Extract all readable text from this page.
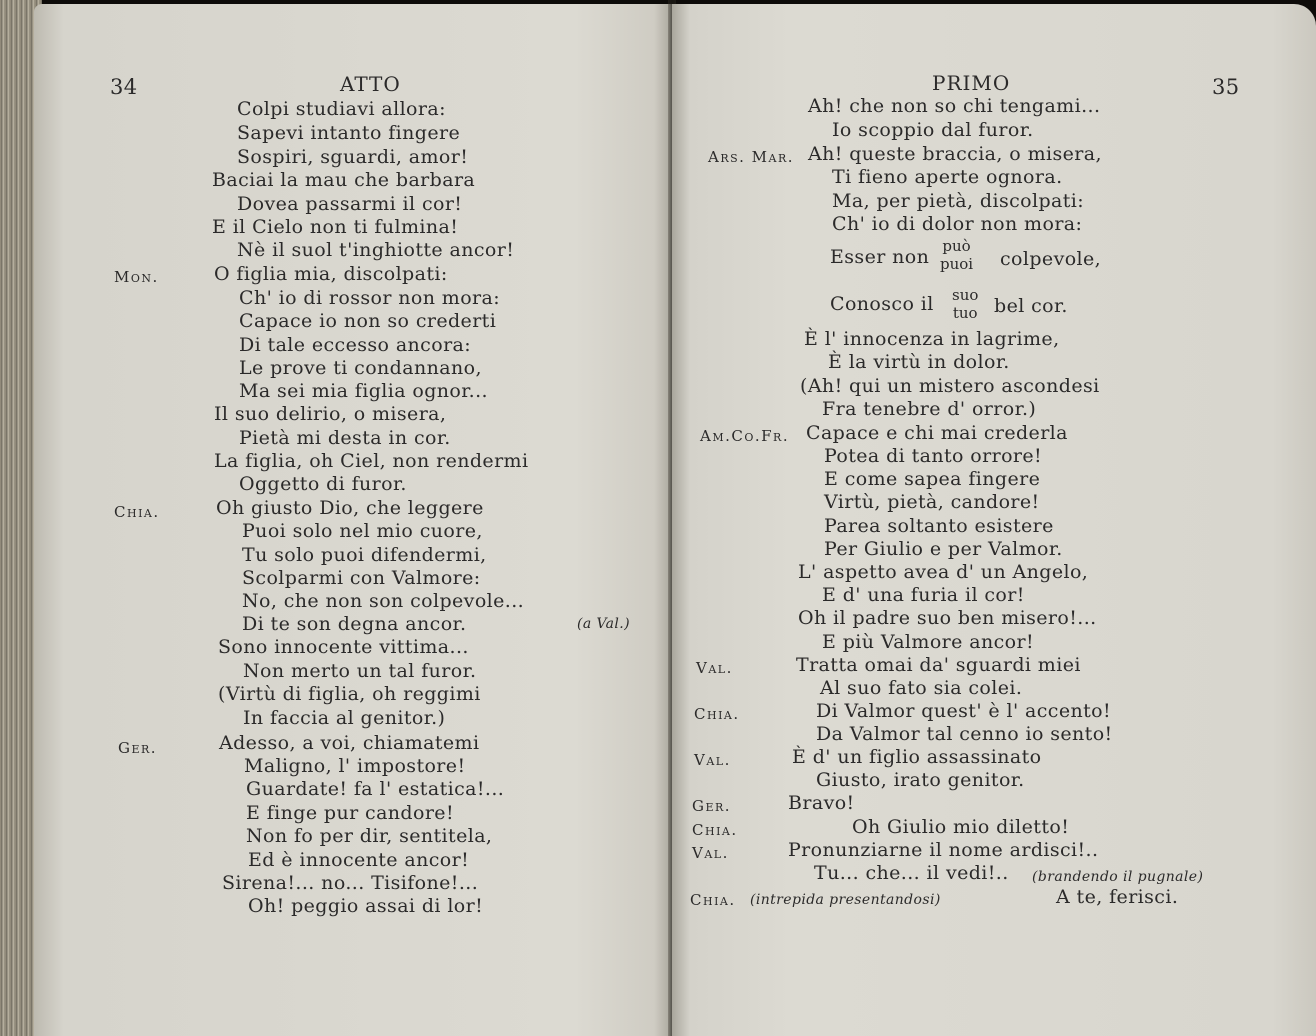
34	ATTO
Colpi studiavi allora:
Sapevi intanto fingere
Sospiri, sguardi, amor!
Baciai la mau che barbara
Dovea passarmi il cor!
E il Cielo non ti fulmina!
Nè il suol t'inghiotte ancor!
Mon.	O figlia mia, discolpati:
Ch' io di rossor non mora:
Capace io non so crederti
Di tale eccesso ancora:
Le prove ti condannano,
Ma sei mia figlia ognor...
Il suo delirio, o misera,
Pietà mi desta in cor.
La figlia, oh Ciel, non rendermi
Oggetto di furor.
Chia.	Oh giusto Dio, che leggere
Puoi solo nel mio cuore,
Tu solo puoi difendermi,
Scolparmi con Valmore:
No, che non son colpevole...
Di te son degna ancor.	(a Val.)
Sono innocente vittima...
Non merto un tal furor.
(Virtù di figlia, oh reggimi
In faccia al genitor.)
Ger.	Adesso, a voi, chiamatemi
Maligno, l' impostore!
Guardate! fa l' estatica!...
E finge pur candore!
Non fo per dir, sentitela,
Ed è innocente ancor!
Sirena!... no... Tisifone!...
Oh! peggio assai di lor!
PRIMO	35
Ah! che non so chi tengami...
Io scoppio dal furor.
Ars. Mar. Ah! queste braccia, o misera,
Ti fieno aperte ognora.
Ma, per pietà, discolpati:
Ch' io di dolor non mora:
Esser non può
puoi colpevole,
Conosco il suo
tuo bel cor.
È l' innocenza in lagrime,
È la virtù in dolor.
(Ah! qui un mistero ascondesi
Fra tenebre d' orror.)
Am.Co.Fr. Capace e chi mai crederla
Potea di tanto orrore!
E come sapea fingere
Virtù, pietà, candore!
Parea soltanto esistere
Per Giulio e per Valmor.
L' aspetto avea d' un Angelo,
E d' una furia il cor!
Oh il padre suo ben misero!...
E più Valmore ancor!
Val.	Tratta omai da' sguardi miei
Al suo fato sia colei.
Chia.	Di Valmor quest' è l' accento!
Da Valmor tal cenno io sento!
Val.	È d' un figlio assassinato
Giusto, irato genitor.
Ger.	Bravo!
Chia.	Oh Giulio mio diletto!
Val.	Pronunziarne il nome ardisci!..
Tu... che... il vedi!.. (brandendo il pugnale)
Chia. (intrepida presentandosi)	A te, ferisci.
